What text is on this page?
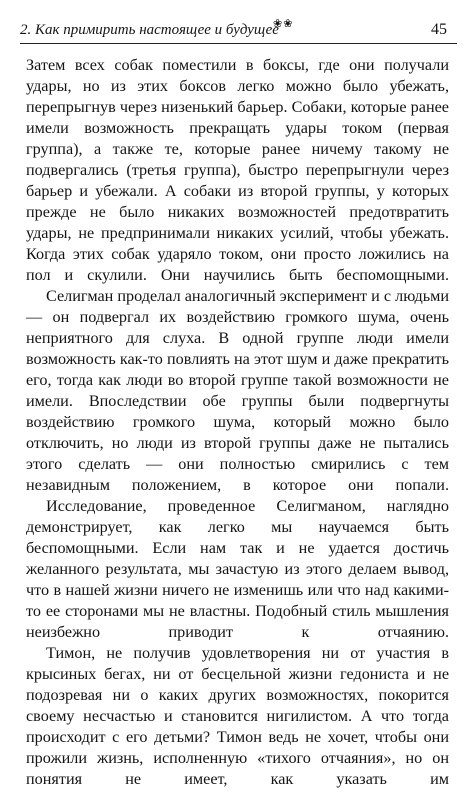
2. Как примирить настоящее и будущее
❀❀	45

Затем всех собак поместили в боксы, где они получали удары, но из этих боксов легко можно было убежать, перепрыгнув через низенький барьер. Собаки, которые ранее имели возможность прекращать удары током (первая группа), а также те, которые ранее ничему такому не подвергались (третья группа), быстро перепрыгнули через барьер и убежали. А собаки из второй группы, у которых прежде не было никаких возможностей предотвратить удары, не предпринимали никаких усилий, чтобы убежать. Когда этих собак ударяло током, они просто ложились на пол и скулили. Они научились быть беспомощными.

Селигман проделал аналогичный эксперимент и с людьми — он подвергал их воздействию громкого шума, очень неприятного для слуха. В одной группе люди имели возможность как-то повлиять на этот шум и даже прекратить его, тогда как люди во второй группе такой возможности не имели. Впоследствии обе группы были подвергнуты воздействию громкого шума, который можно было отключить, но люди из второй группы даже не пытались этого сделать — они полностью смирились с тем незавидным положением, в которое они попали.

Исследование, проведенное Селигманом, наглядно демонстрирует, как легко мы научаемся быть беспомощными. Если нам так и не удается достичь желанного результата, мы зачастую из этого делаем вывод, что в нашей жизни ничего не изменишь или что над какими-то ее сторонами мы не властны. Подобный стиль мышления неизбежно приводит к отчаянию.

Тимон, не получив удовлетворения ни от участия в крысиных бегах, ни от бесцельной жизни гедониста и не подозревая ни о каких других возможностях, покорится своему несчастью и становится нигилистом. А что тогда происходит с его детьми? Тимон ведь не хочет, чтобы они прожили жизнь, исполненную «тихого отчаяния», но он понятия не имеет, как указать им
